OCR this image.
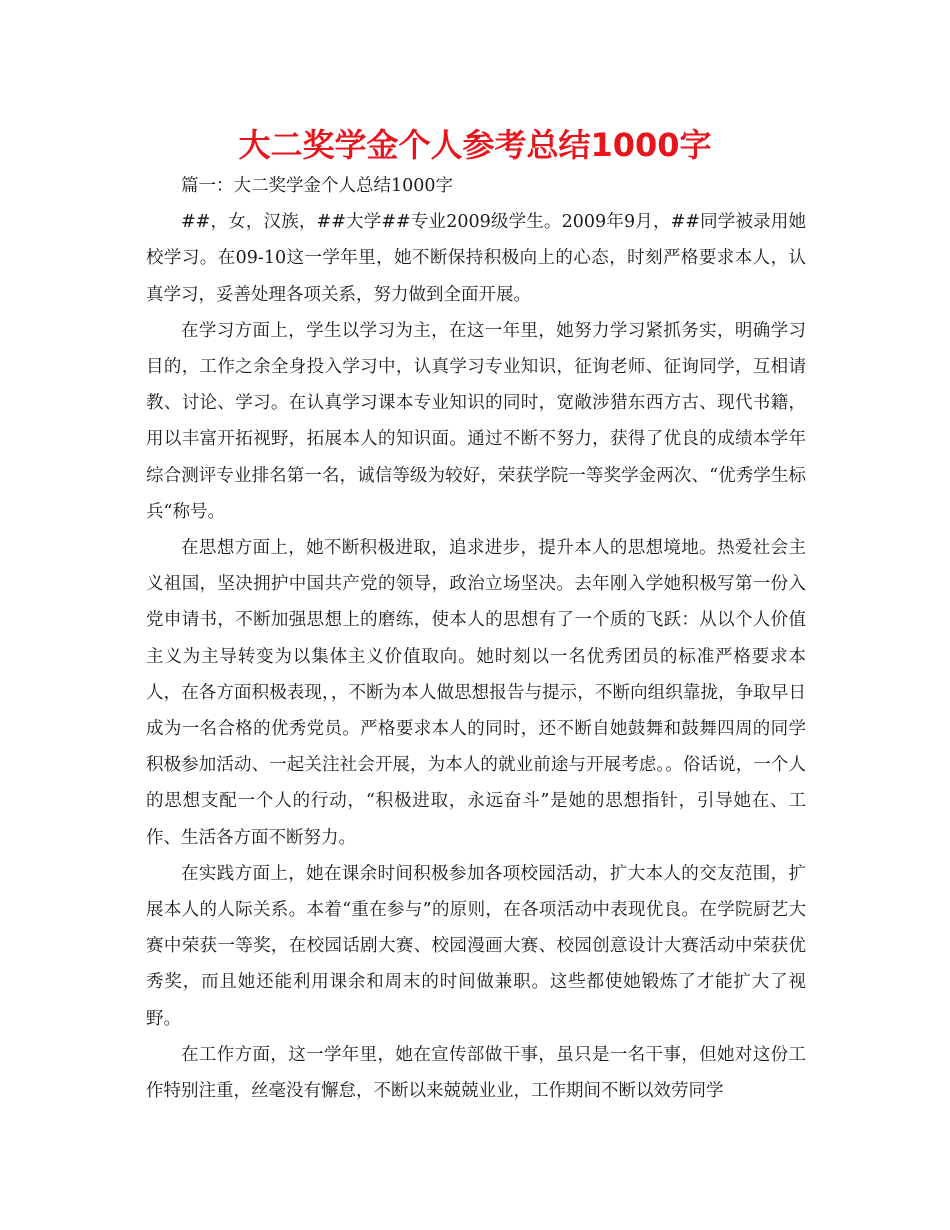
大二奖学金个人参考总结1000字

篇一：大二奖学金个人总结1000字

##，女，汉族，##大学##专业2009级学生。2009年9月，##同学被录用她校学习。在09-10这一学年里，她不断保持积极向上的心态，时刻严格要求本人，认真学习，妥善处理各项关系，努力做到全面开展。

在学习方面上，学生以学习为主，在这一年里，她努力学习紧抓务实，明确学习目的，工作之余全身投入学习中，认真学习专业知识，征询老师、征询同学，互相请教、讨论、学习。在认真学习课本专业知识的同时，宽敞涉猎东西方古、现代书籍，用以丰富开拓视野，拓展本人的知识面。通过不断不努力，获得了优良的成绩本学年综合测评专业排名第一名，诚信等级为较好，荣获学院一等奖学金两次、“优秀学生标兵“称号。

在思想方面上，她不断积极进取，追求进步，提升本人的思想境地。热爱社会主义祖国，坚决拥护中国共产党的领导，政治立场坚决。去年刚入学她积极写第一份入党申请书，不断加强思想上的磨练，使本人的思想有了一个质的飞跃：从以个人价值主义为主导转变为以集体主义价值取向。她时刻以一名优秀团员的标准严格要求本人，在各方面积极表现，，不断为本人做思想报告与提示，不断向组织靠拢，争取早日成为一名合格的优秀党员。严格要求本人的同时，还不断自她鼓舞和鼓舞四周的同学积极参加活动、一起关注社会开展，为本人的就业前途与开展考虑。。俗话说，一个人的思想支配一个人的行动，“积极进取，永远奋斗”是她的思想指针，引导她在、工作、生活各方面不断努力。

在实践方面上，她在课余时间积极参加各项校园活动，扩大本人的交友范围，扩展本人的人际关系。本着“重在参与”的原则，在各项活动中表现优良。在学院厨艺大赛中荣获一等奖，在校园话剧大赛、校园漫画大赛、校园创意设计大赛活动中荣获优秀奖，而且她还能利用课余和周末的时间做兼职。这些都使她锻炼了才能扩大了视野。

在工作方面，这一学年里，她在宣传部做干事，虽只是一名干事，但她对这份工作特别注重，丝毫没有懈怠，不断以来兢兢业业，工作期间不断以效劳同学
